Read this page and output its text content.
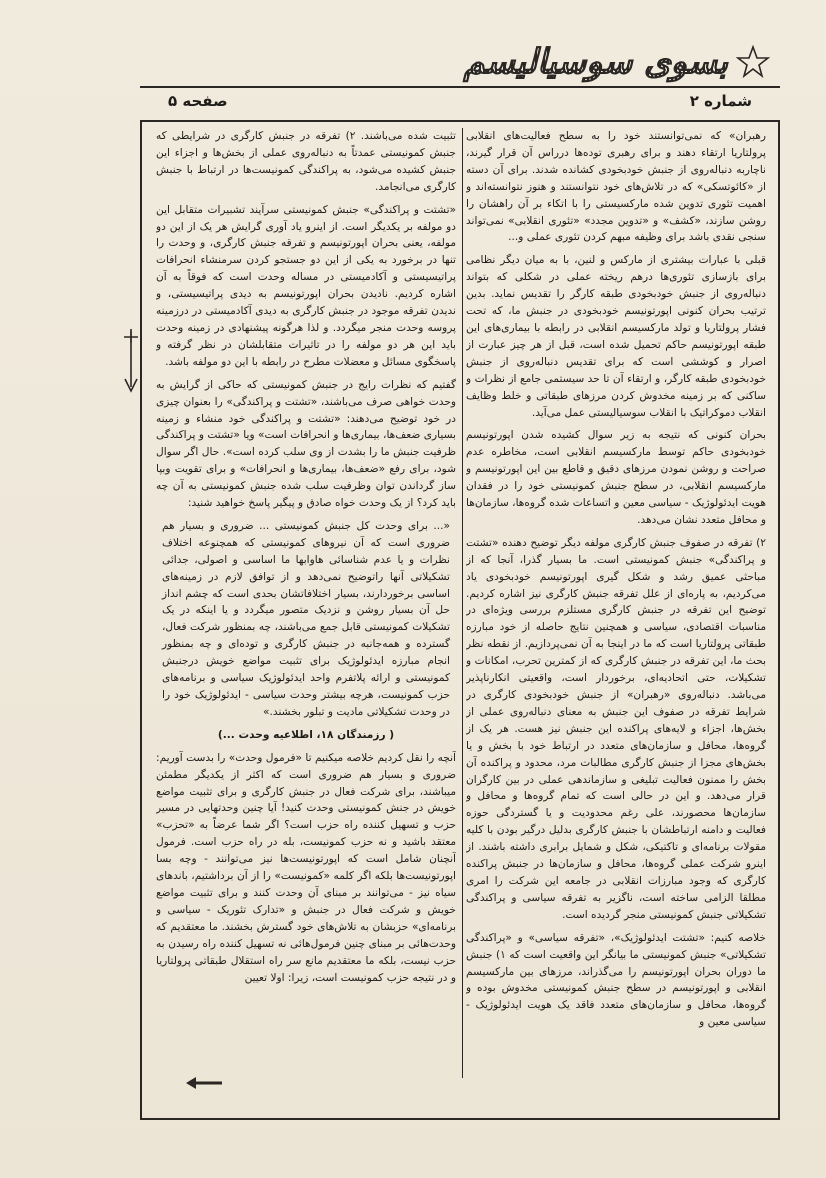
بسوی سوسیالیسم
شماره ۲
صفحه ۵

رهبران» که نمی‌توانستند خود را به سطح فعالیت‌های انقلابی پرولتاریا ارتقاء دهند و برای رهبری توده‌ها درراس آن قرار گیرند، ناچاربه دنباله‌روی از جنبش خودبخودی کشانده شدند. برای آن دسته از «کائوتسکی» که در تلاش‌های خود نتوانستند و هنوز نتوانسته‌اند و اهمیت تئوری تدوین شده مارکسیستی را با اتکاء بر آن راهشان را روشن سازند، «کشف» و «تدوین مجدد» «تئوری انقلابی» نمی‌تواند سنجی نقدی باشد برای وظیفه مبهم کردن تئوری عملی و...

قبلی با عبارات بیشتری از مارکس و لنین، با به میان دیگر نظامی برای بازسازی تئوری‌ها درهم ریخته عملی در شکلی که بتواند دنباله‌روی از جنبش خودبخودی طبقه کارگر را تقدیس نماید. بدین ترتیب بحران کنونی اپورتونیسم خودبخودی در جنبش ما، که تحت فشار پرولتاریا و تولد مارکسیسم انقلابی در رابطه با بیماری‌های این طبقه اپورتونیسم حاکم تحمیل شده است، قبل از هر چیز عبارت از اصرار و کوششی است که برای تقدیس دنباله‌روی از جنبش خودبخودی طبقه کارگر، و ارتقاء آن تا حد سیستمی جامع از نظرات و ساکنی که بر زمینه مخدوش کردن مرزهای طبقاتی و خلط وظایف انقلاب دموکراتیک با انقلاب سوسیالیستی عمل می‌آید.

بحران کنونی که نتیجه به زیر سوال کشیده شدن اپورتونیسم خودبخودی حاکم توسط مارکسیسم انقلابی است، مخاطره عدم صراحت و روشن نمودن مرزهای دقیق و قاطع بین این اپورتونیسم و مارکسیسم انقلابی، در سطح جنبش کمونیستی خود را در فقدان هویت ایدئولوژیک - سیاسی معین و اتساعات شده گروه‌ها، سازمان‌ها و محافل متعدد نشان می‌دهد.

۲) تفرقه در صفوف جنبش کارگری مولفه دیگر توضیح دهنده «تشتت و پراکندگی» جنبش کمونیستی است. ما بسیار گذرا، آنجا که از مباحثی عمیق رشد و شکل گیری اپورتونیسم خودبخودی یاد می‌کردیم، به پاره‌ای از علل تفرقه جنبش کارگری نیز اشاره کردیم. توضیح این تفرقه در جنبش کارگری مستلزم بررسی ویژه‌ای در مناسبات اقتصادی، سیاسی و همچنین نتایج حاصله از خود مبارزه طبقاتی پرولتاریا است که ما در اینجا به آن نمی‌پردازیم. از نقطه نظر بحث ما، این تفرقه در جنبش کارگری که از کمترین تحرب، امکانات و تشکیلات، حتی اتحادیه‌ای، برخوردار است، واقعیتی انکارناپذیر می‌باشد. دنباله‌روی «رهبران» از جنبش خودبخودی کارگری در شرایط تفرقه در صفوف این جنبش به معنای دنباله‌روی عملی از بخش‌ها، اجزاء و لایه‌های پراکنده این جنبش نیز هست. هر یک از گروه‌ها، محافل و سازمان‌های متعدد در ارتباط خود با بخش و یا بخش‌های مجزا از جنبش کارگری مطالبات مرد، محدود و پراکنده آن بخش را ممنون فعالیت تبلیغی و سازماندهی عملی در بین کارگران قرار می‌دهد. و این در حالی است که تمام گروه‌ها و محافل و سازمان‌ها محصورند، علی رغم محدودیت و یا گستردگی حوزه فعالیت و دامنه ارتباطشان با جنبش کارگری بدلیل درگیر بودن با کلیه مقولات برنامه‌ای و تاکتیکی، شکل و شمایل برابری داشته باشند. از اینرو شرکت عملی گروه‌ها، محافل و سازمان‌ها در جنبش پراکنده کارگری که وجود مبارزات انقلابی در جامعه این شرکت را امری مطلقا الزامی ساخته است، ناگزیر به تفرقه سیاسی و پراکندگی تشکیلاتی جنبش کمونیستی منجر گردیده است.

خلاصه کنیم: «تشتت ایدئولوژیک»، «تفرقه سیاسی» و «پراکندگی تشکیلاتی» جنبش کمونیستی ما بیانگر این واقعیت است که ۱) جنبش ما دوران بحران اپورتونیسم را می‌گذراند، مرزهای بین مارکسیسم انقلابی و اپورتونیسم در سطح جنبش کمونیستی مخدوش بوده و گروه‌ها، محافل و سازمان‌های متعدد فاقد یک هویت ایدئولوژیک - سیاسی معین و

تثبیت شده می‌باشند. ۲) تفرقه در جنبش کارگری در شرایطی که جنبش کمونیستی عمدتاً به دنباله‌روی عملی از بخش‌ها و اجزاء این جنبش کشیده می‌شود، به پراکندگی کمونیست‌ها در ارتباط با جنبش کارگری می‌انجامد.

«تشتت و پراکندگی» جنبش کمونیستی سرآیند تشبیرات متقابل این دو مولفه بر یکدیگر است. از اینرو یاد آوری گرایش هر یک از این دو مولفه، یعنی بحران اپورتونیسم و تفرقه جنبش کارگری، و وحدت را تنها در برخورد به یکی از این دو جستجو کردن سرمنشاء انحرافات پراتیسیستی و آکادمیستی در مساله وحدت است که فوقاً به آن اشاره کردیم. نادیدن بحران اپورتونیسم به دیدی پراتیسیستی، و ندیدن تفرقه موجود در جنبش کارگری به دیدی آکادمیستی در درزمینه پروسه وحدت منجر میگردد. و لذا هرگونه پیشنهادی در زمینه وحدت باید این هر دو مولفه را در تاثیرات متقابلشان در نظر گرفته و پاسخگوی مسائل و معضلات مطرح در رابطه با این دو مولفه باشد.

گفتیم که نظرات رایج در جنبش کمونیستی که حاکی از گرایش به وحدت خواهی صرف می‌باشند، «تشتت و پراکندگی» را بعنوان چیزی در خود توضیح می‌دهند: «تشتت و پراکندگی خود منشاء و زمینه بسیاری ضعف‌ها، بیماری‌ها و انحرافات است» ویا «تشتت و پراکندگی ظرفیت جنبش ما را بشدت از وی سلب کرده است». حال اگر سوال شود، برای رفع «ضعف‌ها، بیماری‌ها و انحرافات» و برای تقویت وبپا ساز گرداندن توان وظرفیت سلب شده جنبش کمونیستی به آن چه باید کرد؟ از یک وحدت خواه صادق و پیگیر پاسخ خواهید شنید:

«... برای وحدت کل جنبش کمونیستی ... ضروری و بسیار هم ضروری است که آن نیروهای کمونیستی که همچنوعه اختلاف نظرات و یا عدم شناسائی هاوابها ما اساسی و اصولی، جدائی تشکیلاتی آنها راتوضیح نمی‌دهد و از توافق لازم در زمینه‌های اساسی برخوردارند، بسیار اختلافاتشان بحدی است که چشم انداز حل آن بسیار روشن و نزدیک متصور میگردد و یا اینکه در یک تشکیلات کمونیستی قابل جمع می‌باشند، چه بمنظور شرکت فعال، گسترده و همه‌جانبه در جنبش کارگری و توده‌ای و چه بمنظور انجام مبارزه ایدئولوژیک برای تثبیت مواضع خویش درجنبش کمونیستی و ارائه‌ پلاتفرم‌ واحد ایدئولوژیک سیاسی و برنامه‌های حزب کمونیست، هرچه بیشتر وحدت سیاسی - ایدئولوژیک خود را در وحدت تشکیلاتی مادیت و تبلور بخشند.»

( رزمندگان ۱۸، اطلاعیه وحدت ...)

آنچه را نقل کردیم خلاصه میکنیم تا «فرمول وحدت» را بدست آوریم: ضروری و بسیار هم ضروری است که اکثر از یکدیگر مطمئن میباشند، برای شرکت فعال در جنبش کارگری و برای تثبیت مواضع خویش در جنش کمونیستی وحدت کنید! آیا چنین وحدتهایی در مسیر حزب و تسهیل کننده راه حزب است؟ اگر شما عرضاً به «تحزب» معتقد باشید و نه حزب کمونیست، بله در راه حزب است. فرمول آنچنان شامل است که اپورتونیست‌ها نیز می‌توانند - وچه بسا اپورتونیست‌ها بلکه اگر کلمه «کمونیست» را از آن برداشتیم، باندهای سیاه نیز - می‌توانند بر مبنای آن وحدت کنند و برای تثبیت مواضع خویش و شرکت فعال در جنبش و «تدارک تئوریک - سیاسی و برنامه‌ای» حزبشان به تلاش‌های خود گسترش بخشند. ما معتقدیم که وحدت‌هائی بر مبنای چنین فرمول‌هائی نه تسهیل کننده راه رسیدن به حزب نیست، بلکه ما معتقدیم مانع سر راه استقلال طبقاتی پرولتاریا و در نتیجه حزب کمونیست است، زیرا: اولا تعیین
